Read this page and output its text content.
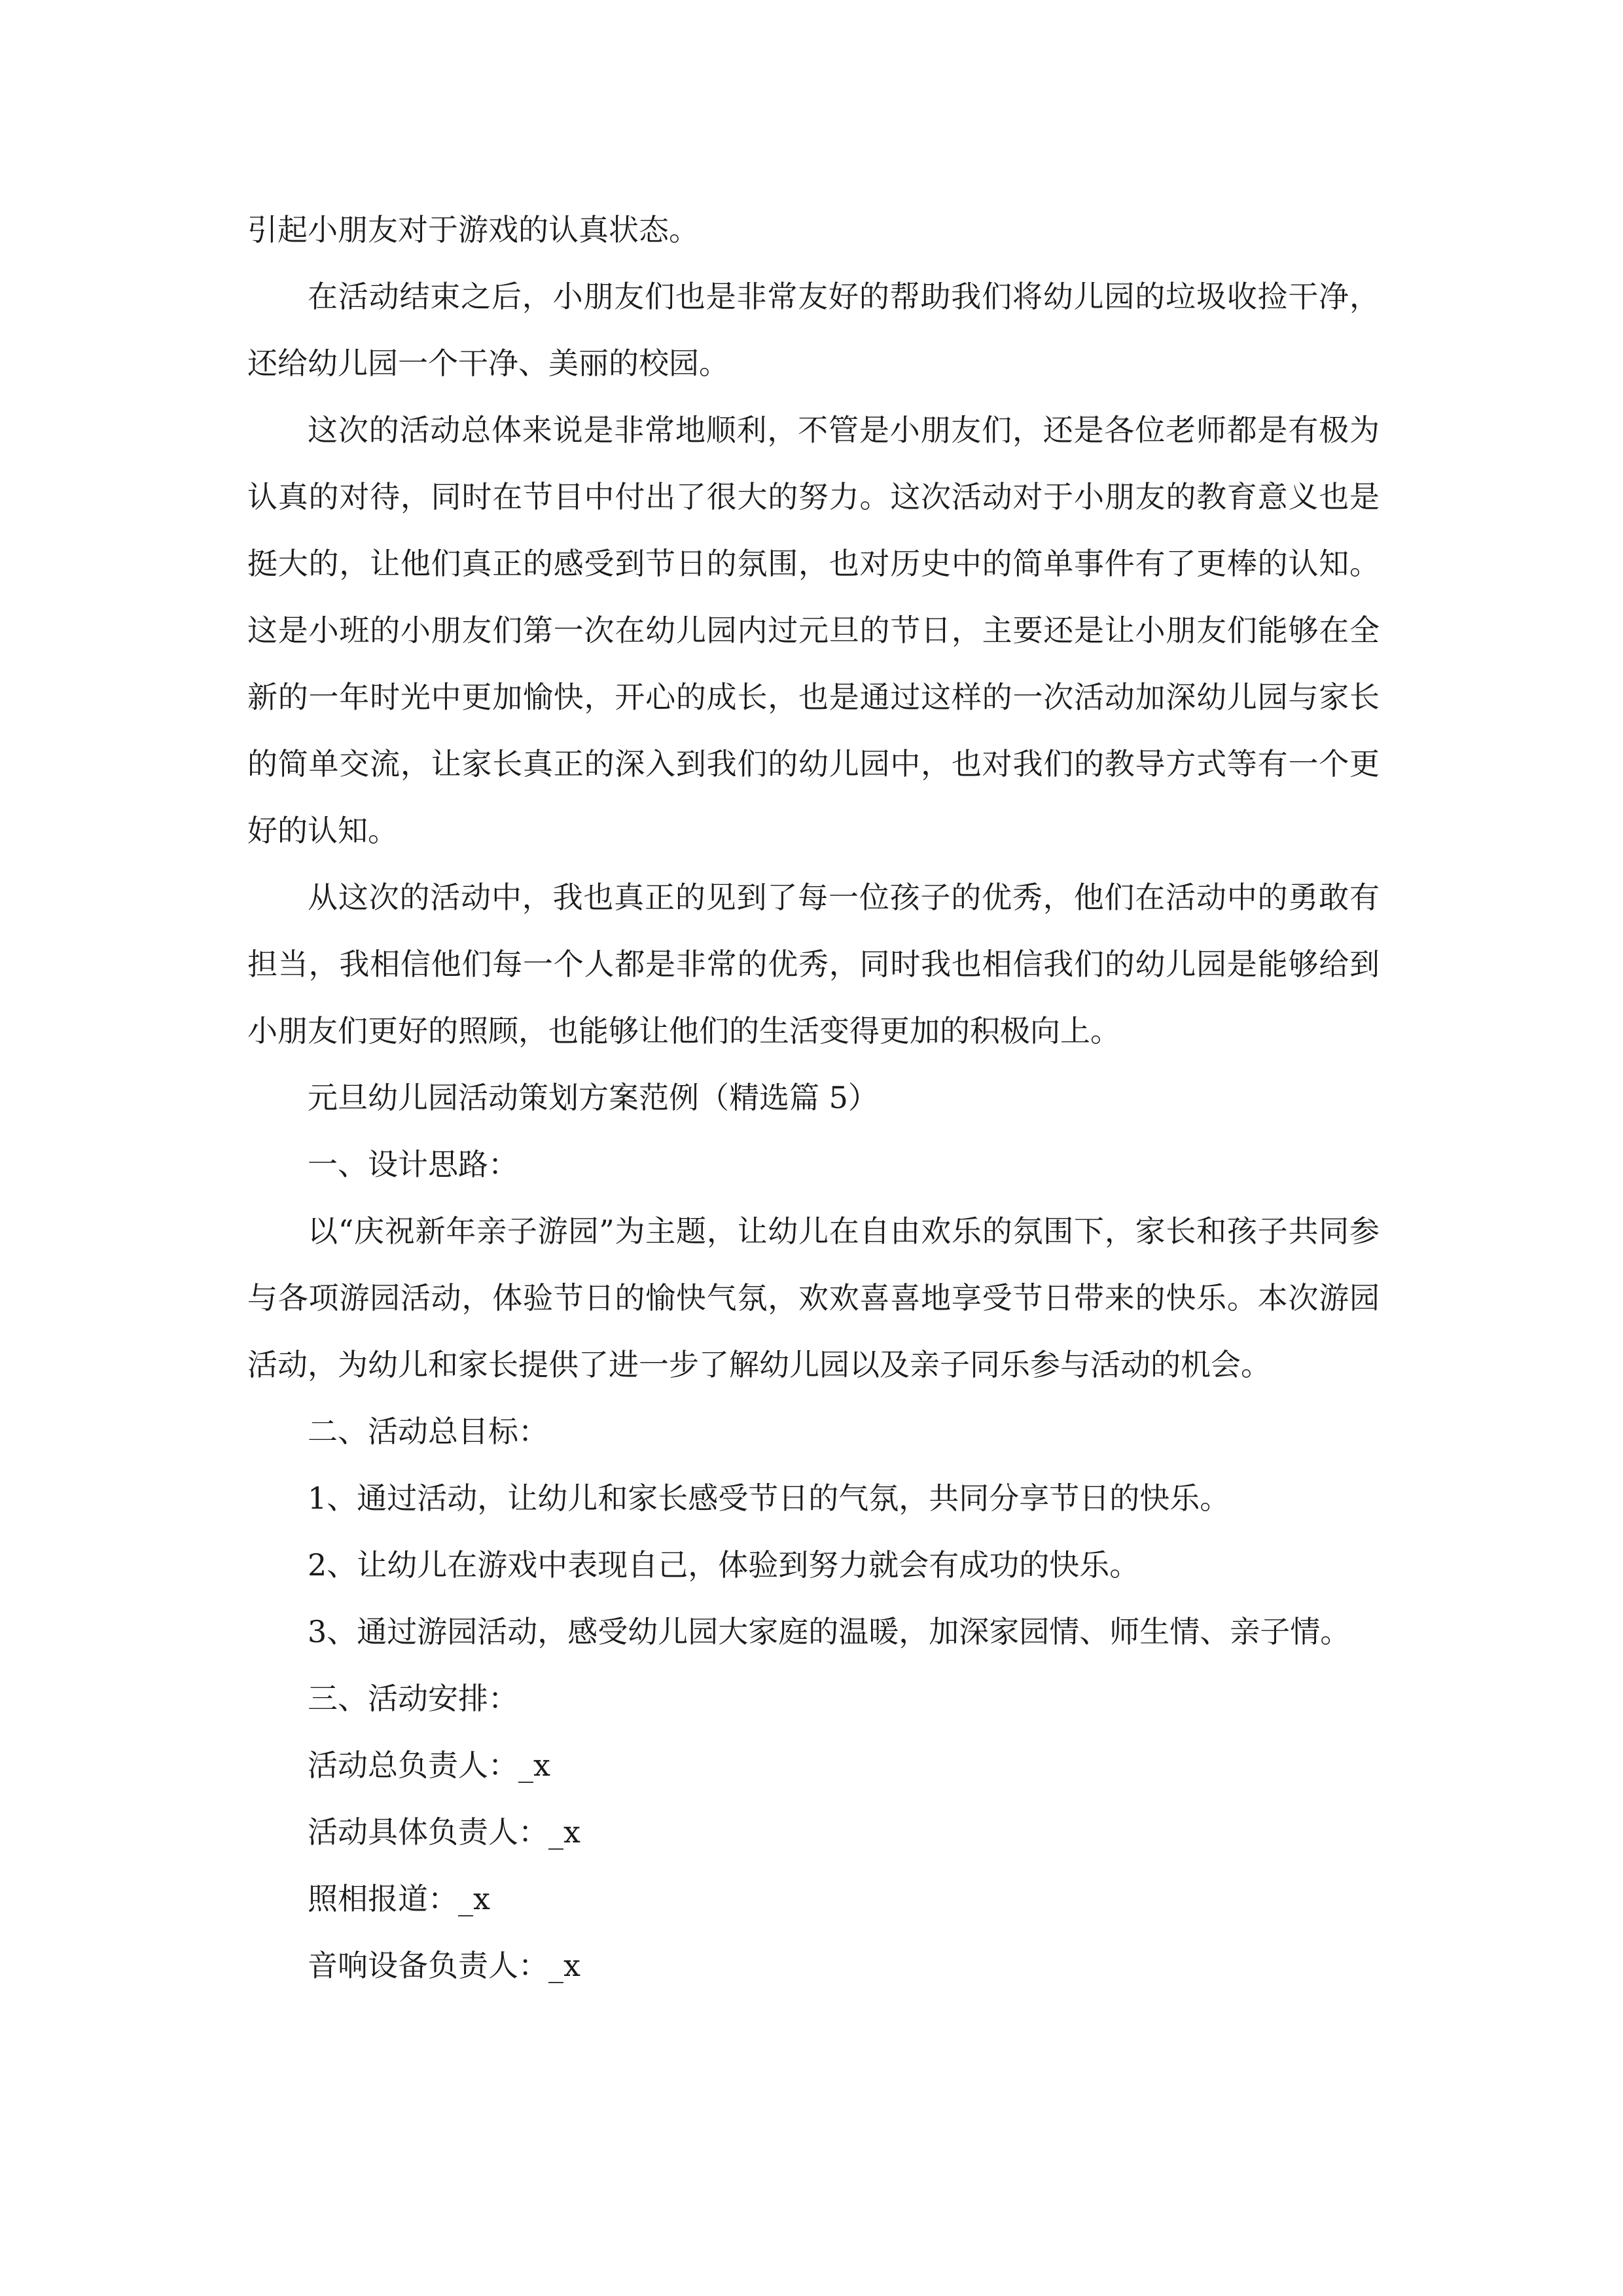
引起小朋友对于游戏的认真状态。

在活动结束之后，小朋友们也是非常友好的帮助我们将幼儿园的垃圾收捡干净，还给幼儿园一个干净、美丽的校园。

这次的活动总体来说是非常地顺利，不管是小朋友们，还是各位老师都是有极为认真的对待，同时在节目中付出了很大的努力。这次活动对于小朋友的教育意义也是挺大的，让他们真正的感受到节日的氛围，也对历史中的简单事件有了更棒的认知。这是小班的小朋友们第一次在幼儿园内过元旦的节日，主要还是让小朋友们能够在全新的一年时光中更加愉快，开心的成长，也是通过这样的一次活动加深幼儿园与家长的简单交流，让家长真正的深入到我们的幼儿园中，也对我们的教导方式等有一个更好的认知。

从这次的活动中，我也真正的见到了每一位孩子的优秀，他们在活动中的勇敢有担当，我相信他们每一个人都是非常的优秀，同时我也相信我们的幼儿园是能够给到小朋友们更好的照顾，也能够让他们的生活变得更加的积极向上。

元旦幼儿园活动策划方案范例（精选篇 5）

一、设计思路：

以“庆祝新年亲子游园”为主题，让幼儿在自由欢乐的氛围下，家长和孩子共同参与各项游园活动，体验节日的愉快气氛，欢欢喜喜地享受节日带来的快乐。本次游园活动，为幼儿和家长提供了进一步了解幼儿园以及亲子同乐参与活动的机会。

二、活动总目标：

1、通过活动，让幼儿和家长感受节日的气氛，共同分享节日的快乐。

2、让幼儿在游戏中表现自己，体验到努力就会有成功的快乐。

3、通过游园活动，感受幼儿园大家庭的温暖，加深家园情、师生情、亲子情。

三、活动安排：

活动总负责人：_x

活动具体负责人：_x

照相报道：_x

音响设备负责人：_x
